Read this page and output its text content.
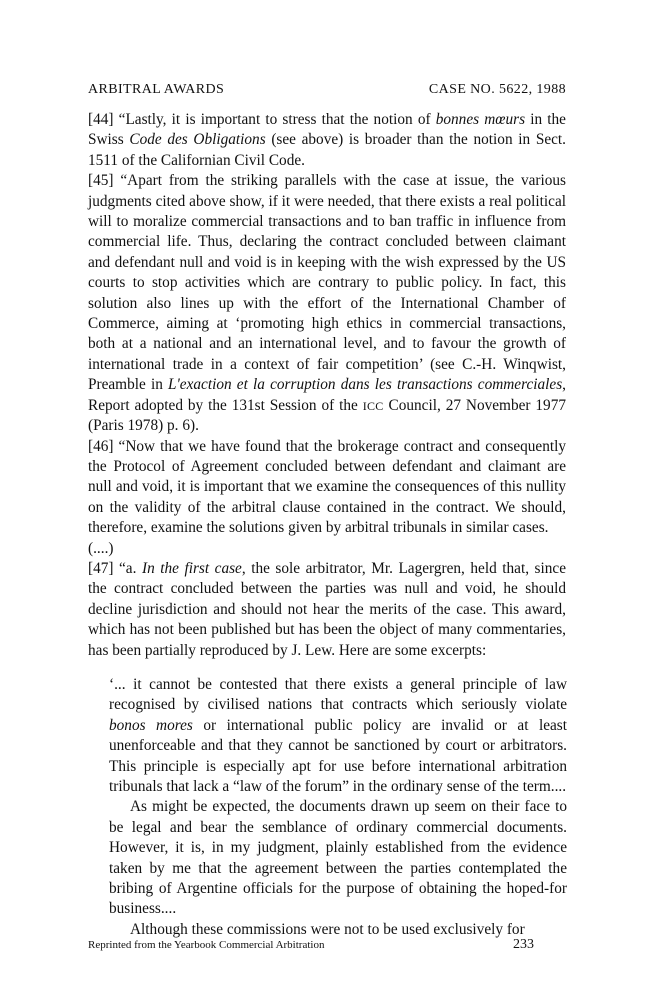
ARBITRAL AWARDS	CASE NO. 5622, 1988

[44] “Lastly, it is important to stress that the notion of bonnes mœurs in the Swiss Code des Obligations (see above) is broader than the notion in Sect. 1511 of the Californian Civil Code.

[45] “Apart from the striking parallels with the case at issue, the various judgments cited above show, if it were needed, that there exists a real political will to moralize commercial transactions and to ban traffic in influence from commercial life. Thus, declaring the contract concluded between claimant and defendant null and void is in keeping with the wish expressed by the US courts to stop activities which are contrary to public policy. In fact, this solution also lines up with the effort of the International Chamber of Commerce, aiming at ‘promoting high ethics in commercial transactions, both at a national and an international level, and to favour the growth of international trade in a context of fair competition’ (see C.-H. Winqwist, Preamble in L'exaction et la corruption dans les transactions commerciales, Report adopted by the 131st Session of the ICC Council, 27 November 1977 (Paris 1978) p. 6).

[46] “Now that we have found that the brokerage contract and consequently the Protocol of Agreement concluded between defendant and claimant are null and void, it is important that we examine the consequences of this nullity on the validity of the arbitral clause contained in the contract. We should, therefore, examine the solutions given by arbitral tribunals in similar cases.

(....)

[47] “a. In the first case, the sole arbitrator, Mr. Lagergren, held that, since the contract concluded between the parties was null and void, he should decline jurisdiction and should not hear the merits of the case. This award, which has not been published but has been the object of many commentaries, has been partially reproduced by J. Lew. Here are some excerpts:

‘... it cannot be contested that there exists a general principle of law recognised by civilised nations that contracts which seriously violate bonos mores or international public policy are invalid or at least unenforceable and that they cannot be sanctioned by court or arbitrators. This principle is especially apt for use before international arbitration tribunals that lack a “law of the forum” in the ordinary sense of the term....

As might be expected, the documents drawn up seem on their face to be legal and bear the semblance of ordinary commercial documents. However, it is, in my judgment, plainly established from the evidence taken by me that the agreement between the parties contemplated the bribing of Argentine officials for the purpose of obtaining the hoped-for business....

Although these commissions were not to be used exclusively for

Reprinted from the Yearbook Commercial Arbitration	233
